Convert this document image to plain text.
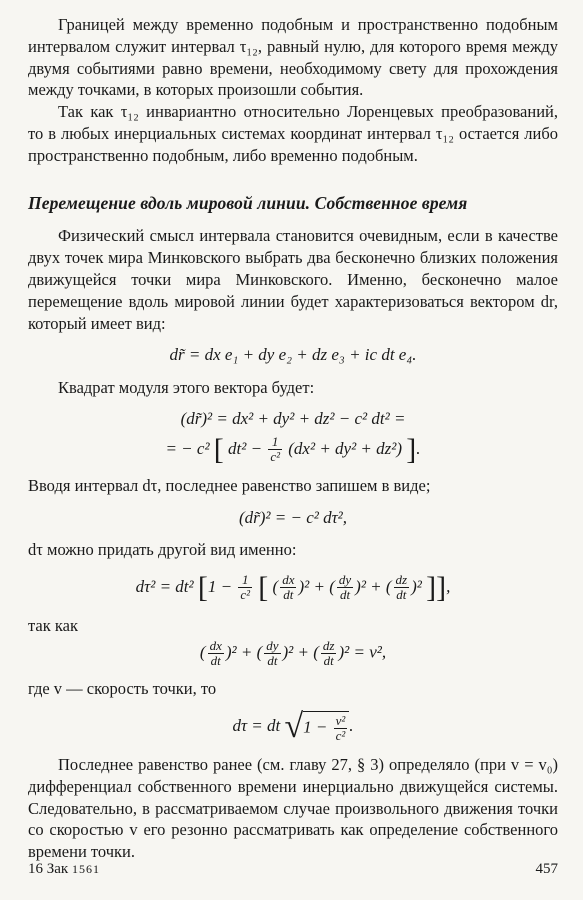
Границей между временно подобным и пространственно подобным интервалом служит интервал τ₁₂, равный нулю, для которого время между двумя событиями равно времени, необходимому свету для прохождения между точками, в которых произошли события.

Так как τ₁₂ инвариантно относительно Лоренцевых преобразований, то в любых инерциальных системах координат интервал τ₁₂ остается либо пространственно подобным, либо временно подобным.

Перемещение вдоль мировой линии. Собственное время

Физический смысл интервала становится очевидным, если в качестве двух точек мира Минковского выбрать два бесконечно близких положения движущейся точки мира Минковского. Именно, бесконечно малое перемещение вдоль мировой линии будет характеризоваться вектором dr, который имеет вид:

dr̃ = dx e₁ + dy e₂ + dz e₃ + ic dt e₄.

Квадрат модуля этого вектора будет:

(dr̃)² = dx² + dy² + dz² − c² dt² =
= − c² [ $dt^2 - \frac{1}{\text{c²}} (dx^2 + dy^2 + dz^2)$ ].

Вводя интервал dτ, последнее равенство запишем в виде;

(dr̃)² = − c² dτ²,

dτ можно придать другой вид именно:

dτ² = dt² [$1 - \frac{1}{\text{c²}}$ [ ( $\frac{dx}{dt} )^2$ + ( $\frac{dy}{dt} )^2$ + ( $\frac{dz}{dt} )^2$ ]],

так как

( $\frac{dx}{dt} )^2$ + ( $\frac{dy}{dt} )^2$ + ( $\frac{dz}{dt} )^2 = v^2$,

где v — скорость точки, то

dτ = dt $√1 - \frac{\text{v²}}{\text{c²}}$ .

Последнее равенство ранее (см. главу 27, § 3) определяло (при v = v₀) дифференциал собственного времени инерциально движущейся системы. Следовательно, в рассматриваемом случае произвольного движения точки со скоростью v его резонно рассматривать как определение собственного времени точки.

16 Зак 1561	457
